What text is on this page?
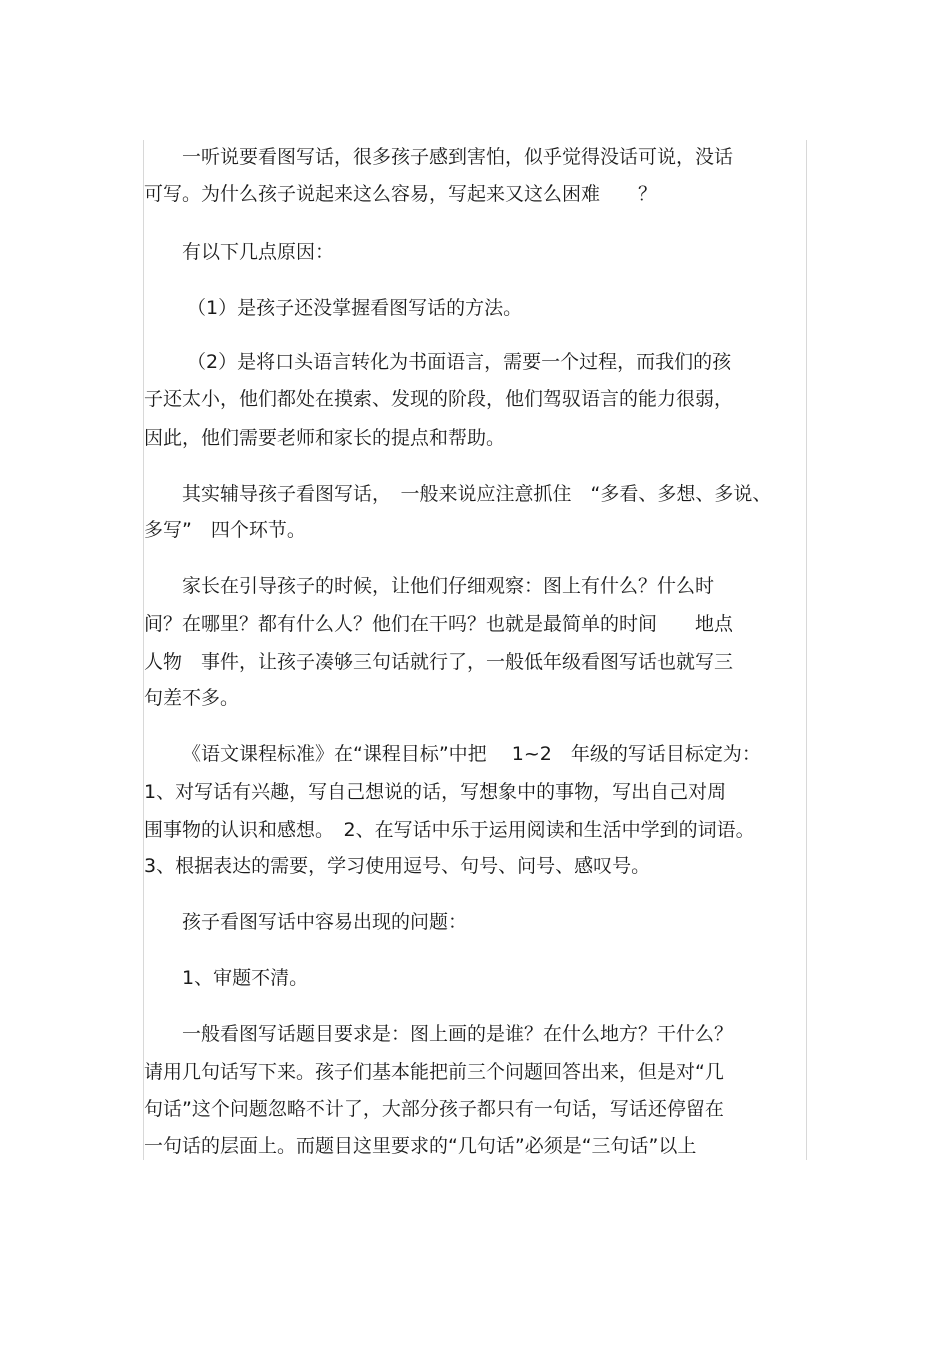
一听说要看图写话，很多孩子感到害怕，似乎觉得没话可说，没话
可写。为什么孩子说起来这么容易，写起来又这么困难　　？
有以下几点原因：
（1）是孩子还没掌握看图写话的方法。
（2）是将口头语言转化为书面语言，需要一个过程，而我们的孩
子还太小，他们都处在摸索、发现的阶段，他们驾驭语言的能力很弱，
因此，他们需要老师和家长的提点和帮助。
其实辅导孩子看图写话，　一般来说应注意抓住　“多看、多想、多说、
多写”　四个环节。
家长在引导孩子的时候，让他们仔细观察：图上有什么？什么时
间？在哪里？都有什么人？他们在干吗？也就是最简单的时间　　地点
人物　事件，让孩子凑够三句话就行了，一般低年级看图写话也就写三
句差不多。
《语文课程标准》在“课程目标”中把　 1~2　年级的写话目标定为：
1、对写话有兴趣，写自己想说的话，写想象中的事物，写出自己对周
围事物的认识和感想。　2、在写话中乐于运用阅读和生活中学到的词语。
3、根据表达的需要，学习使用逗号、句号、问号、感叹号。
孩子看图写话中容易出现的问题：
1、审题不清。
一般看图写话题目要求是：图上画的是谁？在什么地方？干什么？
请用几句话写下来。孩子们基本能把前三个问题回答出来，但是对“几
句话”这个问题忽略不计了，大部分孩子都只有一句话，写话还停留在
一句话的层面上。而题目这里要求的“几句话”必须是“三句话”以上
